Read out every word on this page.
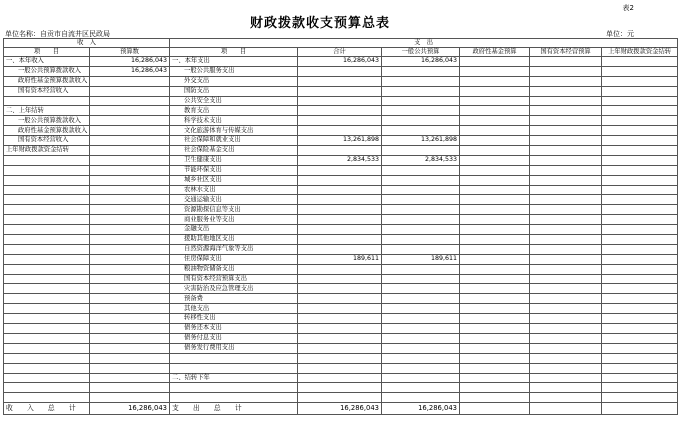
表2
财政拨款收支预算总表
单位名称：自贡市自流井区民政局	单位：元
收　入		支　出					
项　　目	预算数	项　　目	合计	一般公共预算	政府性基金预算	国有资本经营预算	上年财政拨款资金结转
一、本年收入	16,286,043	一、本年支出	16,286,043	16,286,043			
一般公共预算拨款收入	16,286,043	一般公共服务支出					
政府性基金预算拨款收入		外交支出					
国有资本经营收入		国防支出					
		公共安全支出					
二、上年结转		教育支出					
一般公共预算拨款收入		科学技术支出					
政府性基金预算拨款收入		文化旅游体育与传媒支出					
国有资本经营收入		社会保障和就业支出	13,261,898	13,261,898			
上年财政拨款资金结转		社会保险基金支出					
		卫生健康支出	2,834,533	2,834,533			
		节能环保支出					
		城乡社区支出					
		农林水支出					
		交通运输支出					
		资源勘探信息等支出					
		商业服务业等支出					
		金融支出					
		援助其他地区支出					
		自然资源海洋气象等支出					
		住房保障支出	189,611	189,611			
		粮油物资储备支出					
		国有资本经营预算支出					
		灾害防治及应急管理支出					
		预备费					
		其他支出					
		转移性支出					
		债务还本支出					
		债务付息支出					
		债务发行费用支出					

		二、结转下年					

收 入 总 计	16,286,043	支 出 总 计	16,286,043	16,286,043			
